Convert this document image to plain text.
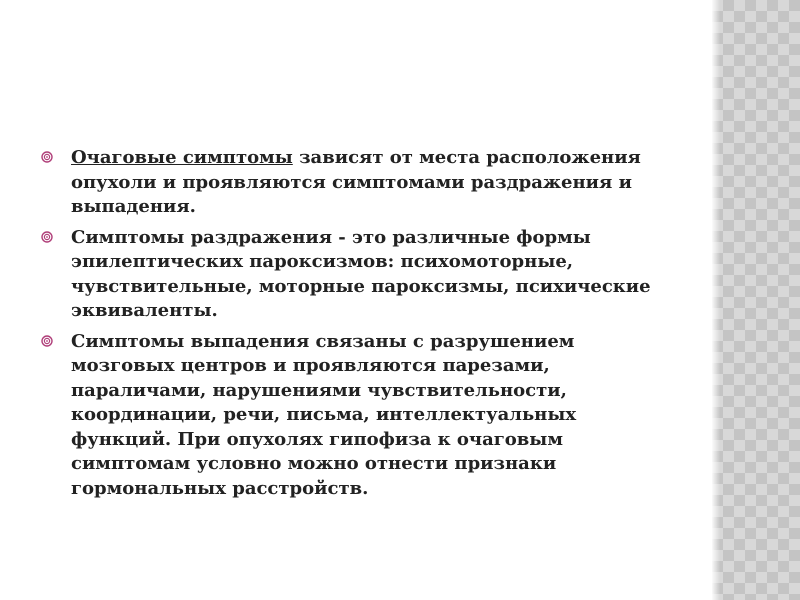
Очаговые симптомы зависят от места расположения опухоли и проявляются симптомами раздражения и выпадения.
Симптомы раздражения - это различные формы эпилептических пароксизмов: психомоторные, чувствительные, моторные пароксизмы, психические эквиваленты.
Симптомы выпадения связаны с разрушением мозговых центров и проявляются парезами, параличами, нарушениями чувствительности, координации, речи, письма, интеллектуальных функций. При опухолях гипофиза к очаговым симптомам условно можно отнести признаки гормональных расстройств.
